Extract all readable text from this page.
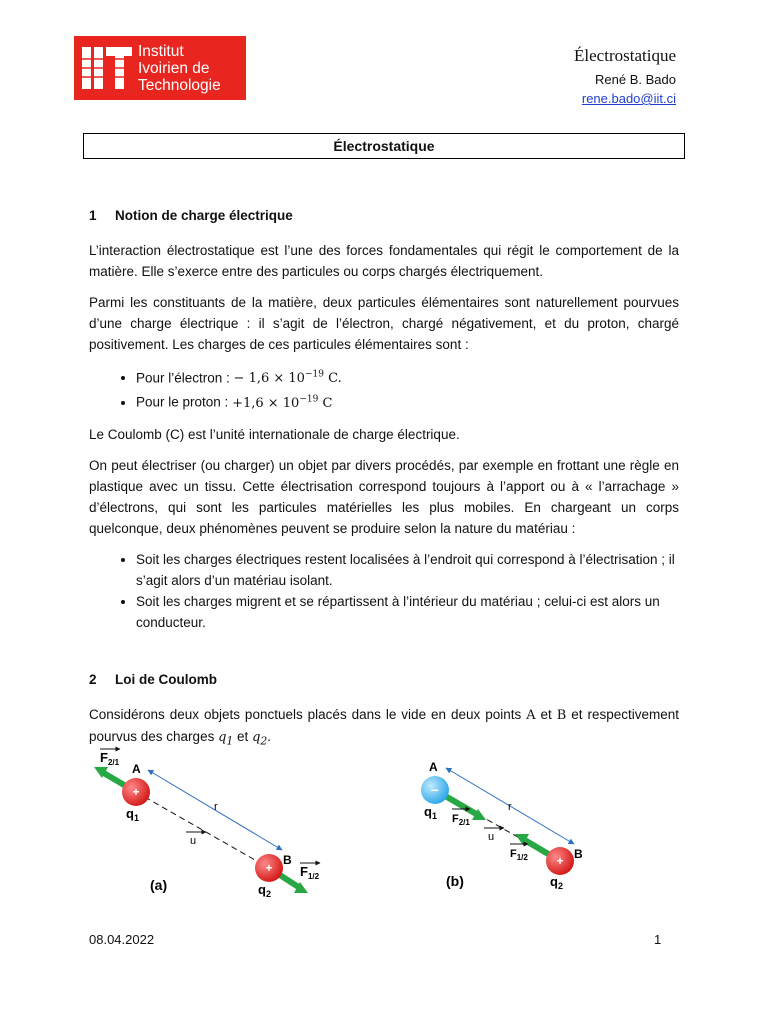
Institut
Ivoirien de
Technologie
Électrostatique
René B. Bado
rene.bado@iit.ci
Électrostatique
1 Notion de charge électrique

L’interaction électrostatique est l’une des forces fondamentales qui régit le comportement de la matière. Elle s’exerce entre des particules ou corps chargés électriquement.

Parmi les constituants de la matière, deux particules élémentaires sont naturellement pourvues d’une charge électrique : il s’agit de l’électron, chargé négativement, et du proton, chargé positivement. Les charges de ces particules élémentaires sont :

• Pour l’électron : − $1,6 \times 10^{-19}$ C.
• Pour le proton : $+1,6 \times 10^{-19}$ C

Le Coulomb (C) est l’unité internationale de charge électrique.

On peut électriser (ou charger) un objet par divers procédés, par exemple en frottant une règle en plastique avec un tissu. Cette électrisation correspond toujours à l’apport ou à « l’arrachage » d’électrons, qui sont les particules matérielles les plus mobiles. En chargeant un corps quelconque, deux phénomènes peuvent se produire selon la nature du matériau :

• Soit les charges électriques restent localisées à l’endroit qui correspond à l’électrisation ; il s’agit alors d’un matériau isolant.
• Soit les charges migrent et se répartissent à l’intérieur du matériau ; celui-ci est alors un conducteur.
2 Loi de Coulomb

Considérons deux objets ponctuels placés dans le vide en deux points A et B et respectivement pourvus des charges $q_1$ et $q_2$.

+
+
A
B
r
u
$q_1$
$q_2$
$F_{2/1}$
$F_{1/2}$
(a)
−
+
A
B
r
u
$q_1$
$q_2$
$F_{2/1}$
$F_{1/2}$
(b)
08.04.2022	1
